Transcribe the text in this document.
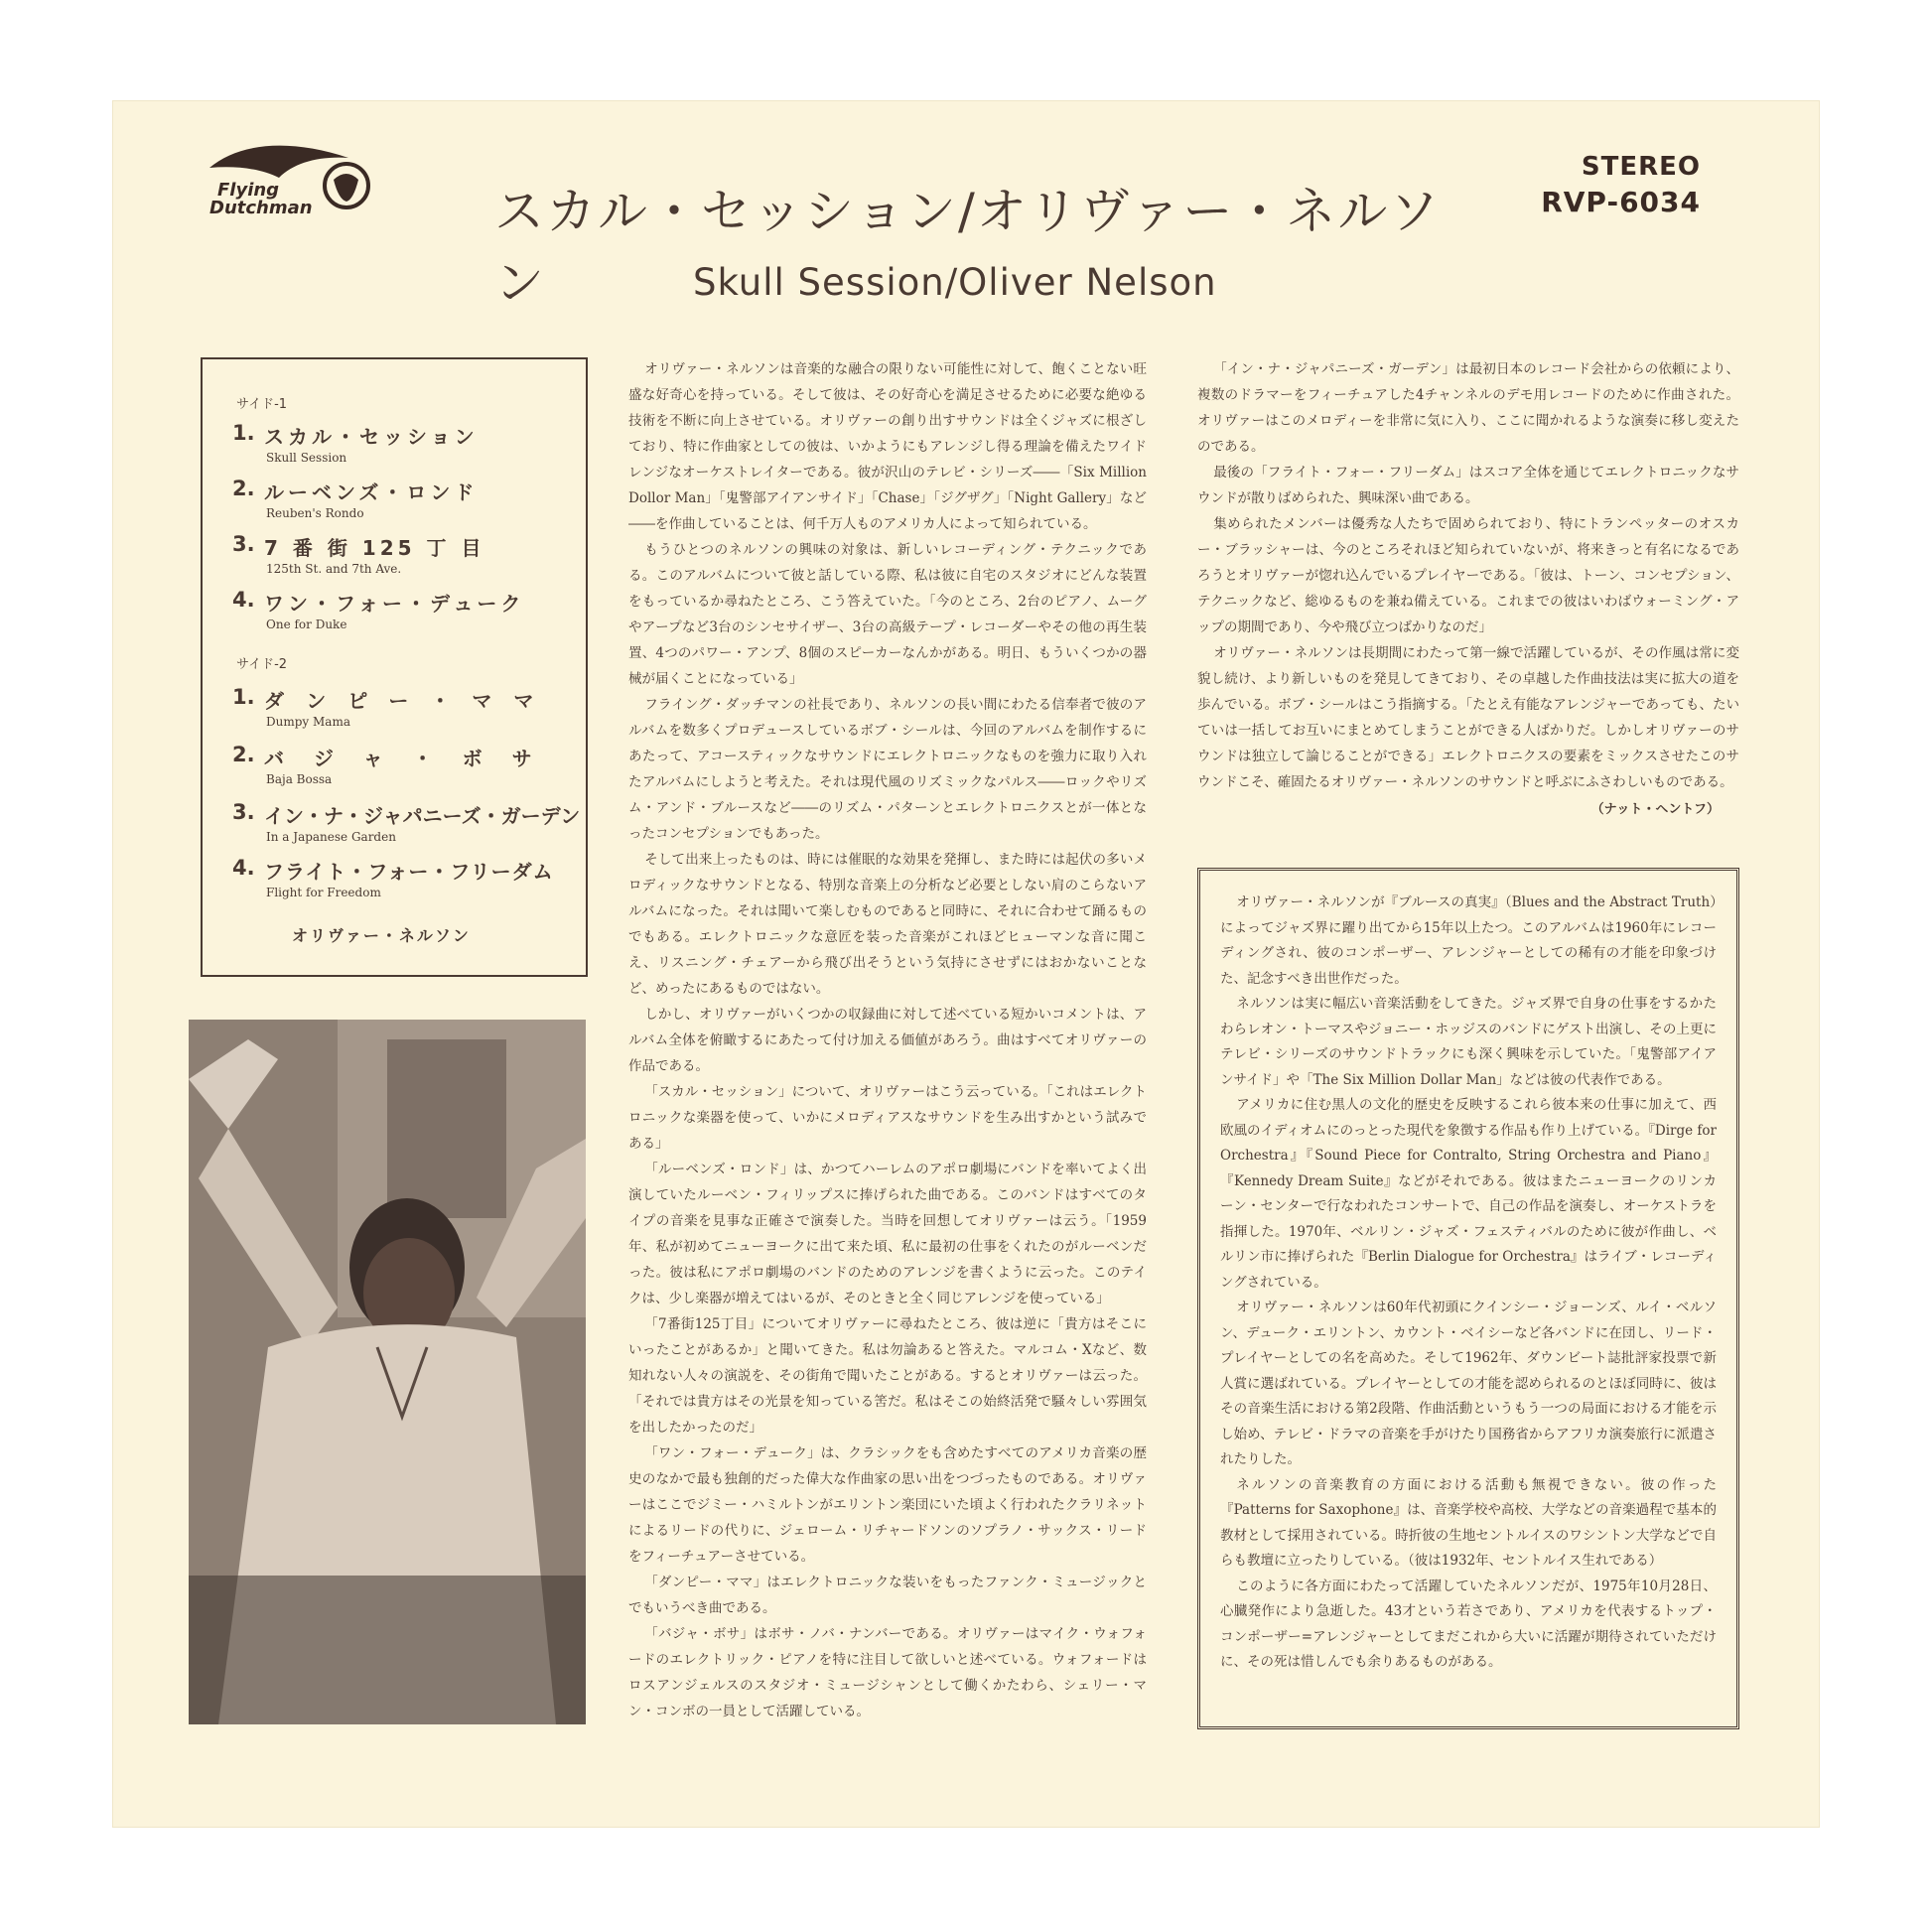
Flying
Dutchman
STEREO
RVP-6034
スカル・セッション/オリヴァー・ネルソン	Skull Session/Oliver Nelson
サイド-1
1. スカル・セッション
Skull Session
2. ルーベンズ・ロンド
Reuben's Rondo
3. 7 番 街 125 丁 目
125th St. and 7th Ave.
4. ワン・フォー・デューク
One for Duke
サイド-2
1. ダンピー・ママ
Dumpy Mama
2. バジャ・ボサ
Baja Bossa
3. イン・ナ・ジャパニーズ・ガーデン
In a Japanese Garden
4. フライト・フォー・フリーダム
Flight for Freedom
オリヴァー・ネルソン

オリヴァー・ネルソンは音楽的な融合の限りない可能性に対して、飽くことない旺盛な好奇心を持っている。そして彼は、その好奇心を満足させるために必要な絶ゆる技術を不断に向上させている。オリヴァーの創り出すサウンドは全くジャズに根ざしており、特に作曲家としての彼は、いかようにもアレンジし得る理論を備えたワイドレンジなオーケストレイターである。彼が沢山のテレビ・シリーズ――「Six Million Dollor Man」「鬼警部アイアンサイド」「Chase」「ジグザグ」「Night Gallery」など――を作曲していることは、何千万人ものアメリカ人によって知られている。

もうひとつのネルソンの興味の対象は、新しいレコーディング・テクニックである。このアルバムについて彼と話している際、私は彼に自宅のスタジオにどんな装置をもっているか尋ねたところ、こう答えていた。「今のところ、2台のピアノ、ムーグやアープなど3台のシンセサイザー、3台の高級テープ・レコーダーやその他の再生装置、4つのパワー・アンプ、8個のスピーカーなんかがある。明日、もういくつかの器械が届くことになっている」

フライング・ダッチマンの社長であり、ネルソンの長い間にわたる信奉者で彼のアルバムを数多くプロデュースしているボブ・シールは、今回のアルバムを制作するにあたって、アコースティックなサウンドにエレクトロニックなものを強力に取り入れたアルバムにしようと考えた。それは現代風のリズミックなパルス――ロックやリズム・アンド・ブルースなど――のリズム・パターンとエレクトロニクスとが一体となったコンセプションでもあった。

そして出来上ったものは、時には催眠的な効果を発揮し、また時には起伏の多いメロディックなサウンドとなる、特別な音楽上の分析など必要としない肩のこらないアルバムになった。それは聞いて楽しむものであると同時に、それに合わせて踊るものでもある。エレクトロニックな意匠を装った音楽がこれほどヒューマンな音に聞こえ、リスニング・チェアーから飛び出そうという気持にさせずにはおかないことなど、めったにあるものではない。

しかし、オリヴァーがいくつかの収録曲に対して述べている短かいコメントは、アルバム全体を俯瞰するにあたって付け加える価値があろう。曲はすべてオリヴァーの作品である。

「スカル・セッション」について、オリヴァーはこう云っている。「これはエレクトロニックな楽器を使って、いかにメロディアスなサウンドを生み出すかという試みである」

「ルーベンズ・ロンド」は、かつてハーレムのアポロ劇場にバンドを率いてよく出演していたルーベン・フィリップスに捧げられた曲である。このバンドはすべてのタイプの音楽を見事な正確さで演奏した。当時を回想してオリヴァーは云う。「1959年、私が初めてニューヨークに出て来た頃、私に最初の仕事をくれたのがルーベンだった。彼は私にアポロ劇場のバンドのためのアレンジを書くように云った。このテイクは、少し楽器が増えてはいるが、そのときと全く同じアレンジを使っている」

「7番街125丁目」についてオリヴァーに尋ねたところ、彼は逆に「貴方はそこにいったことがあるか」と聞いてきた。私は勿論あると答えた。マルコム・Xなど、数知れない人々の演説を、その街角で聞いたことがある。するとオリヴァーは云った。「それでは貴方はその光景を知っている筈だ。私はそこの始終活発で騒々しい雰囲気を出したかったのだ」

「ワン・フォー・デューク」は、クラシックをも含めたすべてのアメリカ音楽の歴史のなかで最も独創的だった偉大な作曲家の思い出をつづったものである。オリヴァーはここでジミー・ハミルトンがエリントン楽団にいた頃よく行われたクラリネットによるリードの代りに、ジェローム・リチャードソンのソプラノ・サックス・リードをフィーチュアーさせている。

「ダンピー・ママ」はエレクトロニックな装いをもったファンク・ミュージックとでもいうべき曲である。

「バジャ・ボサ」はボサ・ノバ・ナンバーである。オリヴァーはマイク・ウォフォードのエレクトリック・ピアノを特に注目して欲しいと述べている。ウォフォードはロスアンジェルスのスタジオ・ミュージシャンとして働くかたわら、シェリー・マン・コンボの一員として活躍している。

「イン・ナ・ジャパニーズ・ガーデン」は最初日本のレコード会社からの依頼により、複数のドラマーをフィーチュアした4チャンネルのデモ用レコードのために作曲された。オリヴァーはこのメロディーを非常に気に入り、ここに聞かれるような演奏に移し変えたのである。

最後の「フライト・フォー・フリーダム」はスコア全体を通じてエレクトロニックなサウンドが散りばめられた、興味深い曲である。

集められたメンバーは優秀な人たちで固められており、特にトランペッターのオスカー・ブラッシャーは、今のところそれほど知られていないが、将来きっと有名になるであろうとオリヴァーが惚れ込んでいるプレイヤーである。「彼は、トーン、コンセプション、テクニックなど、総ゆるものを兼ね備えている。これまでの彼はいわばウォーミング・アップの期間であり、今や飛び立つばかりなのだ」

オリヴァー・ネルソンは長期間にわたって第一線で活躍しているが、その作風は常に変貌し続け、より新しいものを発見してきており、その卓越した作曲技法は実に拡大の道を歩んでいる。ボブ・シールはこう指摘する。「たとえ有能なアレンジャーであっても、たいていは一括してお互いにまとめてしまうことができる人ばかりだ。しかしオリヴァーのサウンドは独立して論じることができる」エレクトロニクスの要素をミックスさせたこのサウンドこそ、確固たるオリヴァー・ネルソンのサウンドと呼ぶにふさわしいものである。

（ナット・ヘントフ）

オリヴァー・ネルソンが『ブルースの真実』（Blues and the Abstract Truth）によってジャズ界に躍り出てから15年以上たつ。このアルバムは1960年にレコーディングされ、彼のコンポーザー、アレンジャーとしての稀有の才能を印象づけた、記念すべき出世作だった。

ネルソンは実に幅広い音楽活動をしてきた。ジャズ界で自身の仕事をするかたわらレオン・トーマスやジョニー・ホッジスのバンドにゲスト出演し、その上更にテレビ・シリーズのサウンドトラックにも深く興味を示していた。「鬼警部アイアンサイド」や「The Six Million Dollar Man」などは彼の代表作である。

アメリカに住む黒人の文化的歴史を反映するこれら彼本来の仕事に加えて、西欧風のイディオムにのっとった現代を象徴する作品も作り上げている。『Dirge for Orchestra』『Sound Piece for Contralto, String Orchestra and Piano』『Kennedy Dream Suite』などがそれである。彼はまたニューヨークのリンカーン・センターで行なわれたコンサートで、自己の作品を演奏し、オーケストラを指揮した。1970年、ベルリン・ジャズ・フェスティバルのために彼が作曲し、ベルリン市に捧げられた『Berlin Dialogue for Orchestra』はライブ・レコーディングされている。

オリヴァー・ネルソンは60年代初頭にクインシー・ジョーンズ、ルイ・ベルソン、デューク・エリントン、カウント・ベイシーなど各バンドに在団し、リード・プレイヤーとしての名を高めた。そして1962年、ダウンビート誌批評家投票で新人賞に選ばれている。プレイヤーとしての才能を認められるのとほぼ同時に、彼はその音楽生活における第2段階、作曲活動というもう一つの局面における才能を示し始め、テレビ・ドラマの音楽を手がけたり国務省からアフリカ演奏旅行に派遣されたりした。

ネルソンの音楽教育の方面における活動も無視できない。彼の作った『Patterns for Saxophone』は、音楽学校や高校、大学などの音楽過程で基本的教材として採用されている。時折彼の生地セントルイスのワシントン大学などで自らも教壇に立ったりしている。（彼は1932年、セントルイス生れである）

このように各方面にわたって活躍していたネルソンだが、1975年10月28日、心臓発作により急逝した。43才という若さであり、アメリカを代表するトップ・コンポーザー=アレンジャーとしてまだこれから大いに活躍が期待されていただけに、その死は惜しんでも余りあるものがある。
